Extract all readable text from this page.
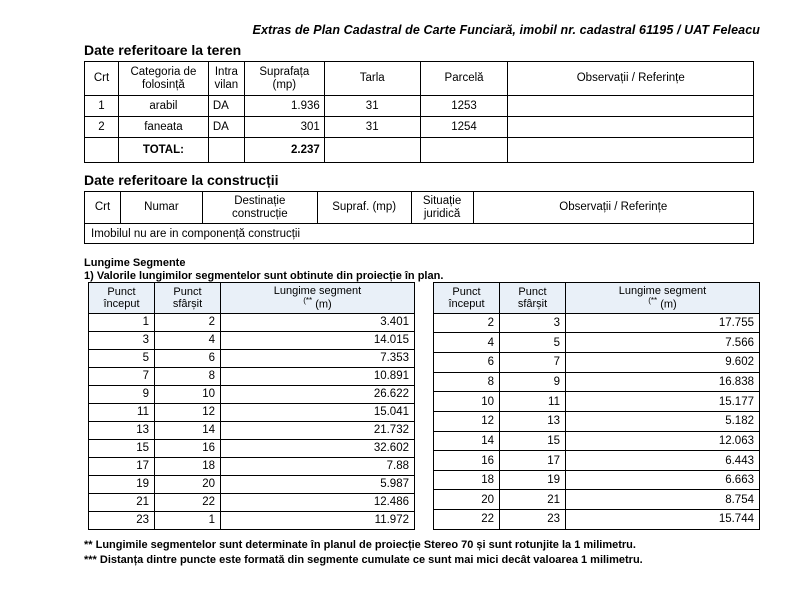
Extras de Plan Cadastral de Carte Funciară, imobil nr. cadastral 61195 / UAT Feleacu
Date referitoare la teren
Crt	Categoria de folosință	Intra vilan	Suprafața (mp)	Tarla	Parcelă	Observații / Referințe
1	arabil	DA	1.936	31	1253	
2	faneata	DA	301	31	1254	
	TOTAL:		2.237			
Date referitoare la construcții
Crt	Numar	Destinație construcție	Supraf. (mp)	Situație juridică	Observații / Referințe
Imobilul nu are in componență construcții
Lungime Segmente
1) Valorile lungimilor segmentelor sunt obtinute din proiecție în plan.
Punct început	Punct sfârșit	Lungime segment
(** (m)
1	2	3.401
3	4	14.015
5	6	7.353
7	8	10.891
9	10	26.622
11	12	15.041
13	14	21.732
15	16	32.602
17	18	7.88
19	20	5.987
21	22	12.486
23	1	11.972
Punct început	Punct sfârșit	Lungime segment
(** (m)
2	3	17.755
4	5	7.566
6	7	9.602
8	9	16.838
10	11	15.177
12	13	5.182
14	15	12.063
16	17	6.443
18	19	6.663
20	21	8.754
22	23	15.744
** Lungimile segmentelor sunt determinate în planul de proiecție Stereo 70 și sunt rotunjite la 1 milimetru.
*** Distanța dintre puncte este formată din segmente cumulate ce sunt mai mici decât valoarea 1 milimetru.
